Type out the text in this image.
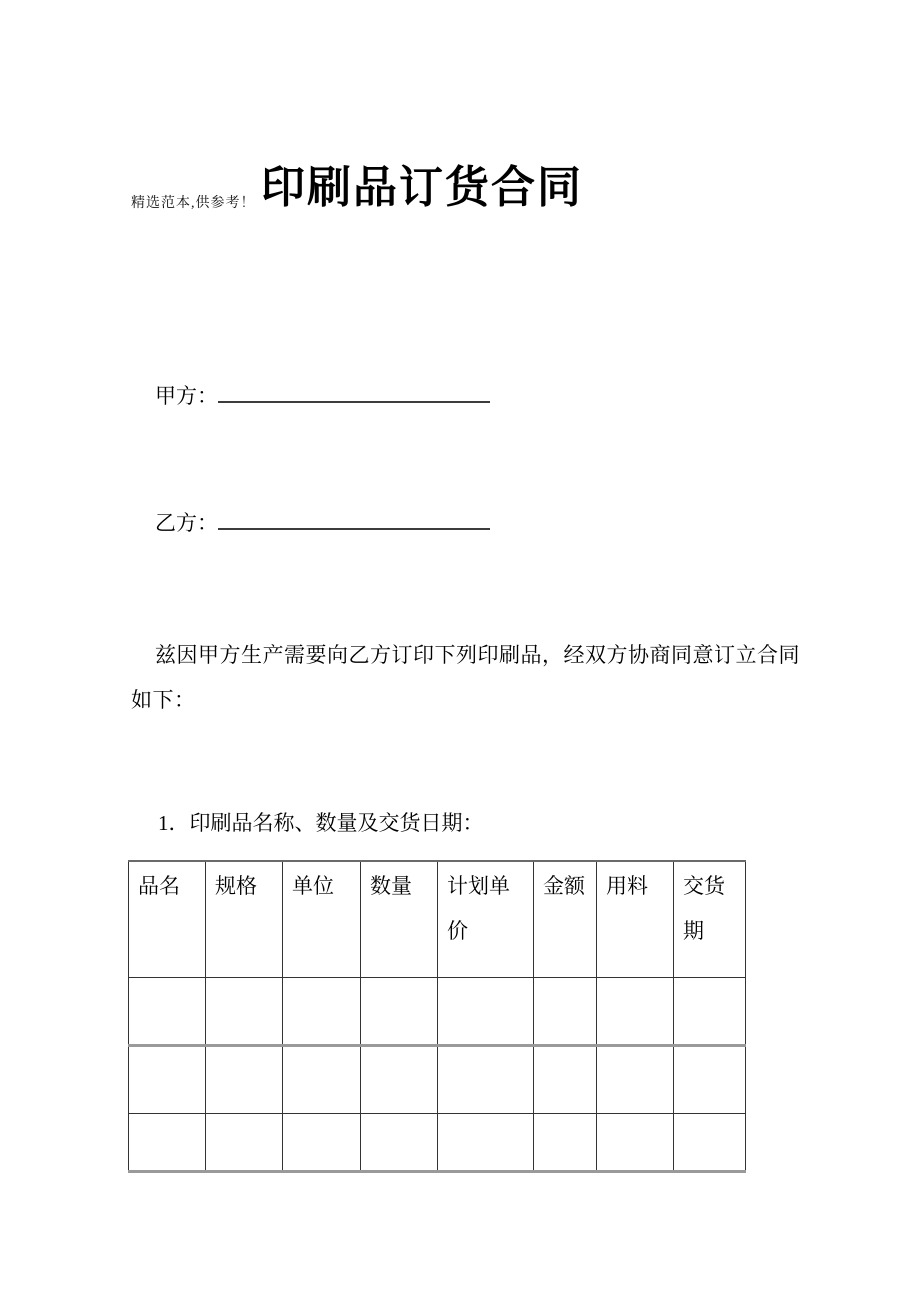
精选范本,供参考！ 印刷品订货合同
甲方：
乙方：
兹因甲方生产需要向乙方订印下列印刷品，经双方协商同意订立合同
如下：
1．印刷品名称、数量及交货日期：
品名	规格	单位	数量	计划单价	金额	用料	交货期
